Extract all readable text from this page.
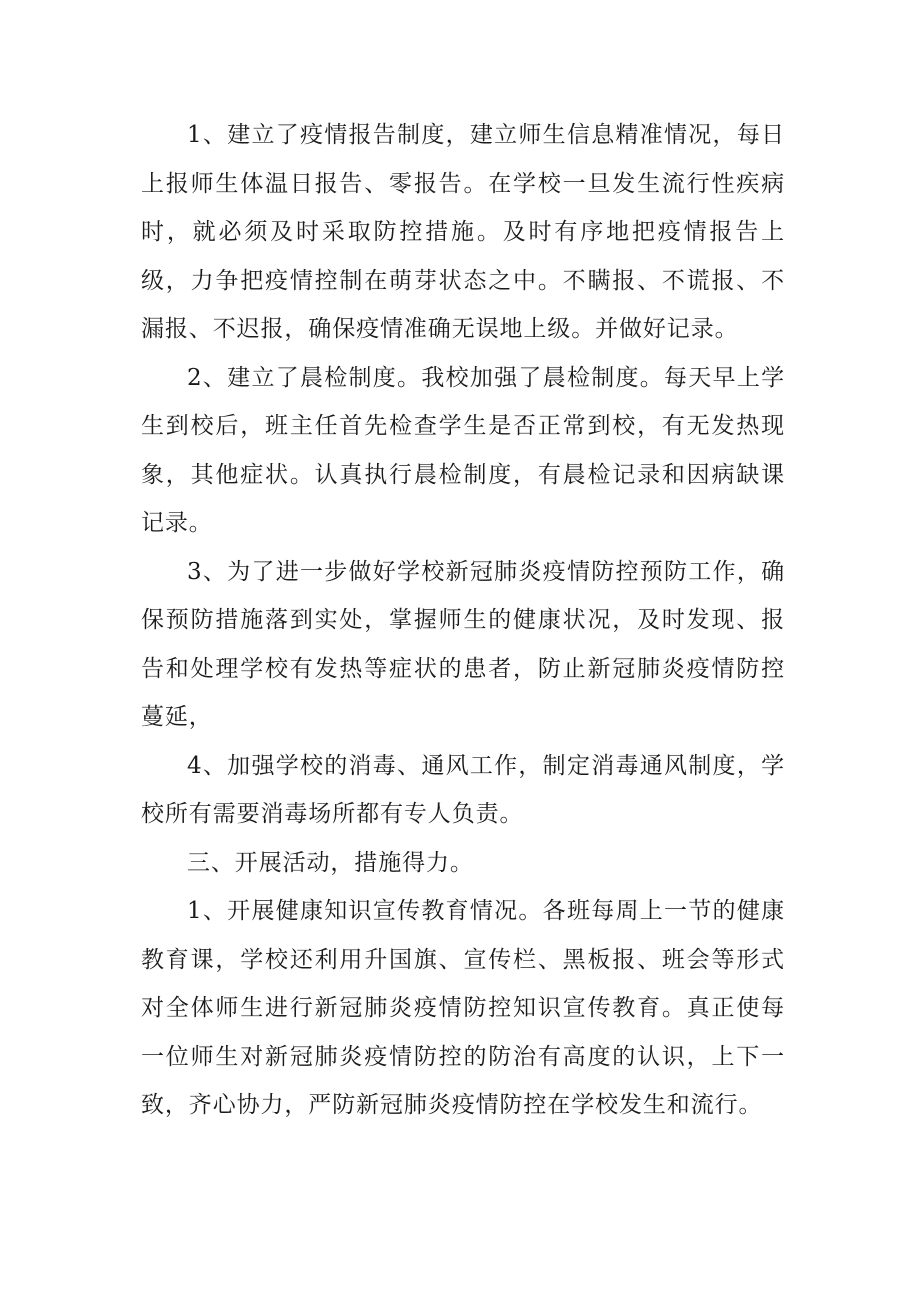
1、建立了疫情报告制度，建立师生信息精准情况，每日上报师生体温日报告、零报告。在学校一旦发生流行性疾病时，就必须及时采取防控措施。及时有序地把疫情报告上级，力争把疫情控制在萌芽状态之中。不瞒报、不谎报、不漏报、不迟报，确保疫情准确无误地上级。并做好记录。

2、建立了晨检制度。我校加强了晨检制度。每天早上学生到校后，班主任首先检查学生是否正常到校，有无发热现象，其他症状。认真执行晨检制度，有晨检记录和因病缺课记录。

3、为了进一步做好学校新冠肺炎疫情防控预防工作，确保预防措施落到实处，掌握师生的健康状况，及时发现、报告和处理学校有发热等症状的患者，防止新冠肺炎疫情防控蔓延，

4、加强学校的消毒、通风工作，制定消毒通风制度，学校所有需要消毒场所都有专人负责。

三、开展活动，措施得力。

1、开展健康知识宣传教育情况。各班每周上一节的健康教育课，学校还利用升国旗、宣传栏、黑板报、班会等形式对全体师生进行新冠肺炎疫情防控知识宣传教育。真正使每一位师生对新冠肺炎疫情防控的防治有高度的认识，上下一致，齐心协力，严防新冠肺炎疫情防控在学校发生和流行。
